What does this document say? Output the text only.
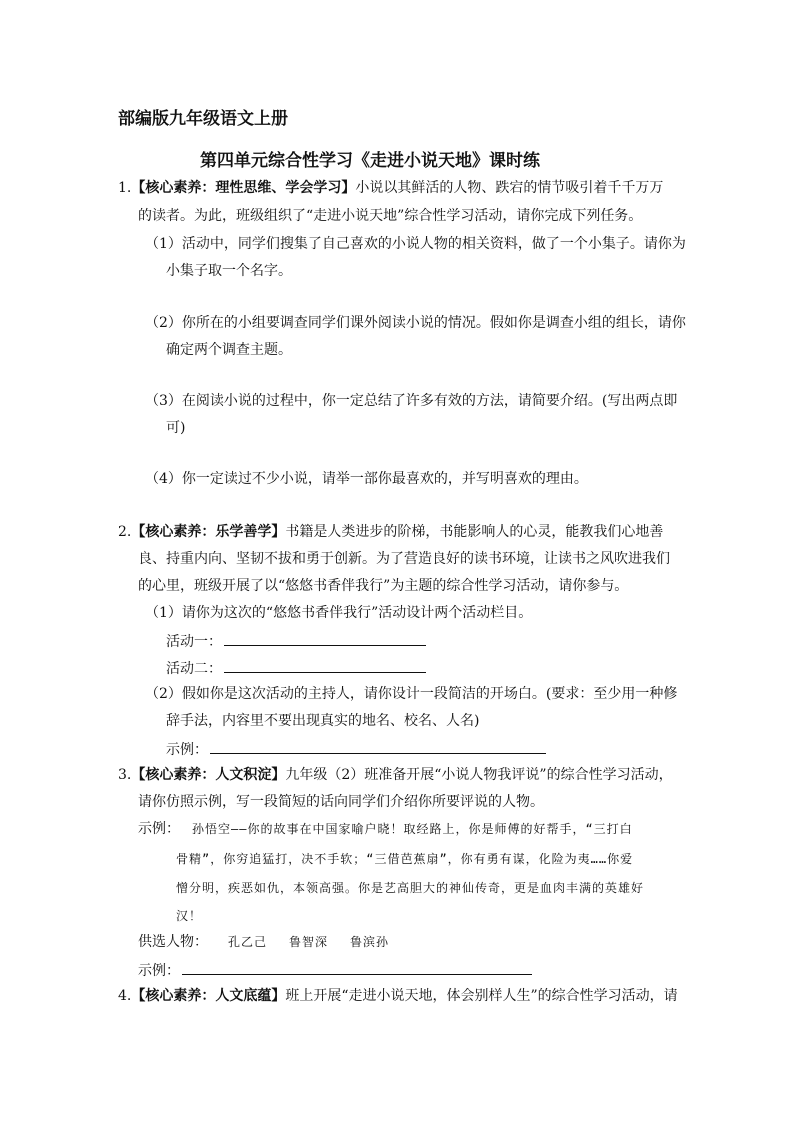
部编版九年级语文上册
第四单元综合性学习《走进小说天地》课时练
1.【核心素养：理性思维、学会学习】小说以其鲜活的人物、跌宕的情节吸引着千千万万
的读者。为此，班级组织了“走进小说天地”综合性学习活动，请你完成下列任务。
（1）活动中，同学们搜集了自己喜欢的小说人物的相关资料，做了一个小集子。请你为
小集子取一个名字。
（2）你所在的小组要调查同学们课外阅读小说的情况。假如你是调查小组的组长，请你
确定两个调查主题。
（3）在阅读小说的过程中，你一定总结了许多有效的方法，请简要介绍。(写出两点即
可)
（4）你一定读过不少小说，请举一部你最喜欢的，并写明喜欢的理由。
2.【核心素养：乐学善学】书籍是人类进步的阶梯，书能影响人的心灵，能教我们心地善
良、持重内向、坚韧不拔和勇于创新。为了营造良好的读书环境，让读书之风吹进我们
的心里，班级开展了以“悠悠书香伴我行”为主题的综合性学习活动，请你参与。
（1）请你为这次的“悠悠书香伴我行”活动设计两个活动栏目。
活动一：
活动二：
（2）假如你是这次活动的主持人，请你设计一段简洁的开场白。(要求：至少用一种修
辞手法，内容里不要出现真实的地名、校名、人名)
示例：
3.【核心素养：人文积淀】九年级（2）班准备开展“小说人物我评说”的综合性学习活动，
请你仿照示例，写一段简短的话向同学们介绍你所要评说的人物。
示例： 孙悟空——你的故事在中国家喻户晓！取经路上，你是师傅的好帮手，“三打白
骨精”，你穷追猛打，决不手软；“三借芭蕉扇”，你有勇有谋，化险为夷……你爱
憎分明，疾恶如仇，本领高强。你是艺高胆大的神仙传奇，更是血肉丰满的英雄好
汉！
供选人物： 孔乙己 鲁智深 鲁滨孙
示例：
4.【核心素养：人文底蕴】班上开展“走进小说天地，体会别样人生”的综合性学习活动，请
